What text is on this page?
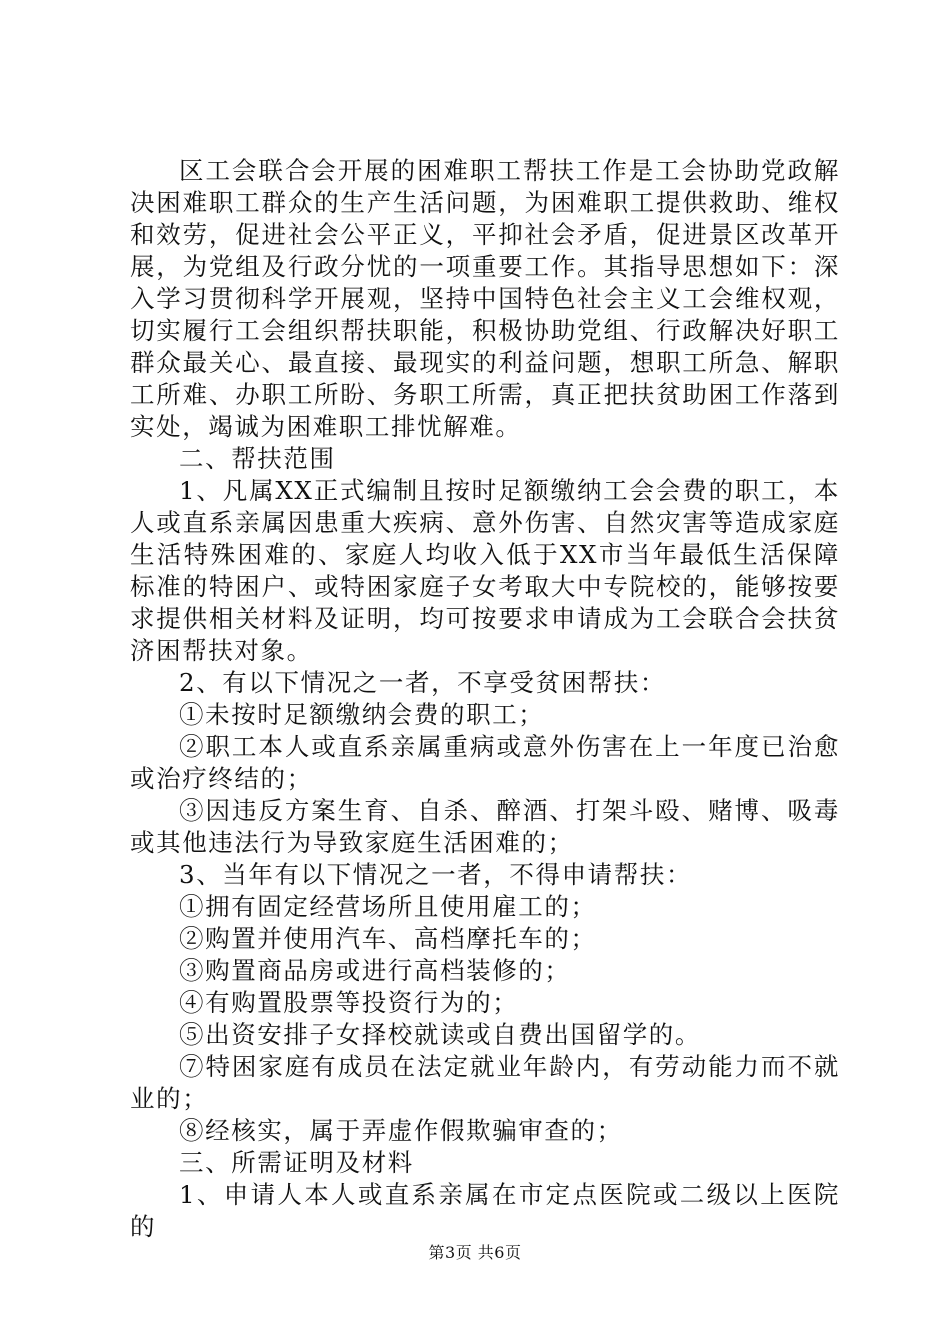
区工会联合会开展的困难职工帮扶工作是工会协助党政解决困难职工群众的生产生活问题，为困难职工提供救助、维权和效劳，促进社会公平正义，平抑社会矛盾，促进景区改革开展，为党组及行政分忧的一项重要工作。其指导思想如下：深入学习贯彻科学开展观，坚持中国特色社会主义工会维权观，切实履行工会组织帮扶职能，积极协助党组、行政解决好职工群众最关心、最直接、最现实的利益问题，想职工所急、解职工所难、办职工所盼、务职工所需，真正把扶贫助困工作落到实处，竭诚为困难职工排忧解难。

二、帮扶范围

1、凡属XX正式编制且按时足额缴纳工会会费的职工，本人或直系亲属因患重大疾病、意外伤害、自然灾害等造成家庭生活特殊困难的、家庭人均收入低于XX市当年最低生活保障标准的特困户、或特困家庭子女考取大中专院校的，能够按要求提供相关材料及证明，均可按要求申请成为工会联合会扶贫济困帮扶对象。

2、有以下情况之一者，不享受贫困帮扶：

①未按时足额缴纳会费的职工；

②职工本人或直系亲属重病或意外伤害在上一年度已治愈或治疗终结的；

③因违反方案生育、自杀、醉酒、打架斗殴、赌博、吸毒或其他违法行为导致家庭生活困难的；

3、当年有以下情况之一者，不得申请帮扶：

①拥有固定经营场所且使用雇工的；

②购置并使用汽车、高档摩托车的；

③购置商品房或进行高档装修的；

④有购置股票等投资行为的；

⑤出资安排子女择校就读或自费出国留学的。

⑦特困家庭有成员在法定就业年龄内，有劳动能力而不就业的；

⑧经核实，属于弄虚作假欺骗审查的；

三、所需证明及材料

1、申请人本人或直系亲属在市定点医院或二级以上医院的

第3页 共6页
